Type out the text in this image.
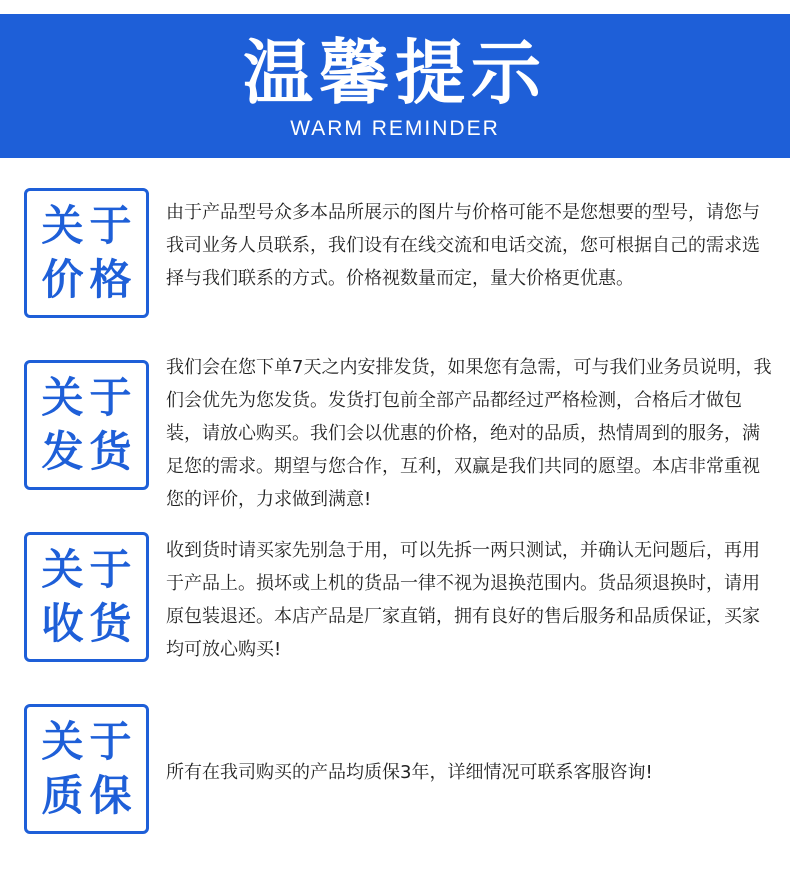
温馨提示
WARM REMINDER
关于
价格

由于产品型号众多本品所展示的图片与价格可能不是您想要的型号，请您与我司业务人员联系，我们设有在线交流和电话交流，您可根据自己的需求选择与我们联系的方式。价格视数量而定，量大价格更优惠。

关于
发货

我们会在您下单7天之内安排发货，如果您有急需，可与我们业务员说明，我们会优先为您发货。发货打包前全部产品都经过严格检测，合格后才做包装，请放心购买。我们会以优惠的价格，绝对的品质，热情周到的服务，满足您的需求。期望与您合作，互利，双赢是我们共同的愿望。本店非常重视您的评价，力求做到满意!

关于
收货

收到货时请买家先别急于用，可以先拆一两只测试，并确认无问题后，再用于产品上。损坏或上机的货品一律不视为退换范围内。货品须退换时，请用原包装退还。本店产品是厂家直销，拥有良好的售后服务和品质保证，买家均可放心购买!

关于
质保 所有在我司购买的产品均质保3年，详细情况可联系客服咨询!
